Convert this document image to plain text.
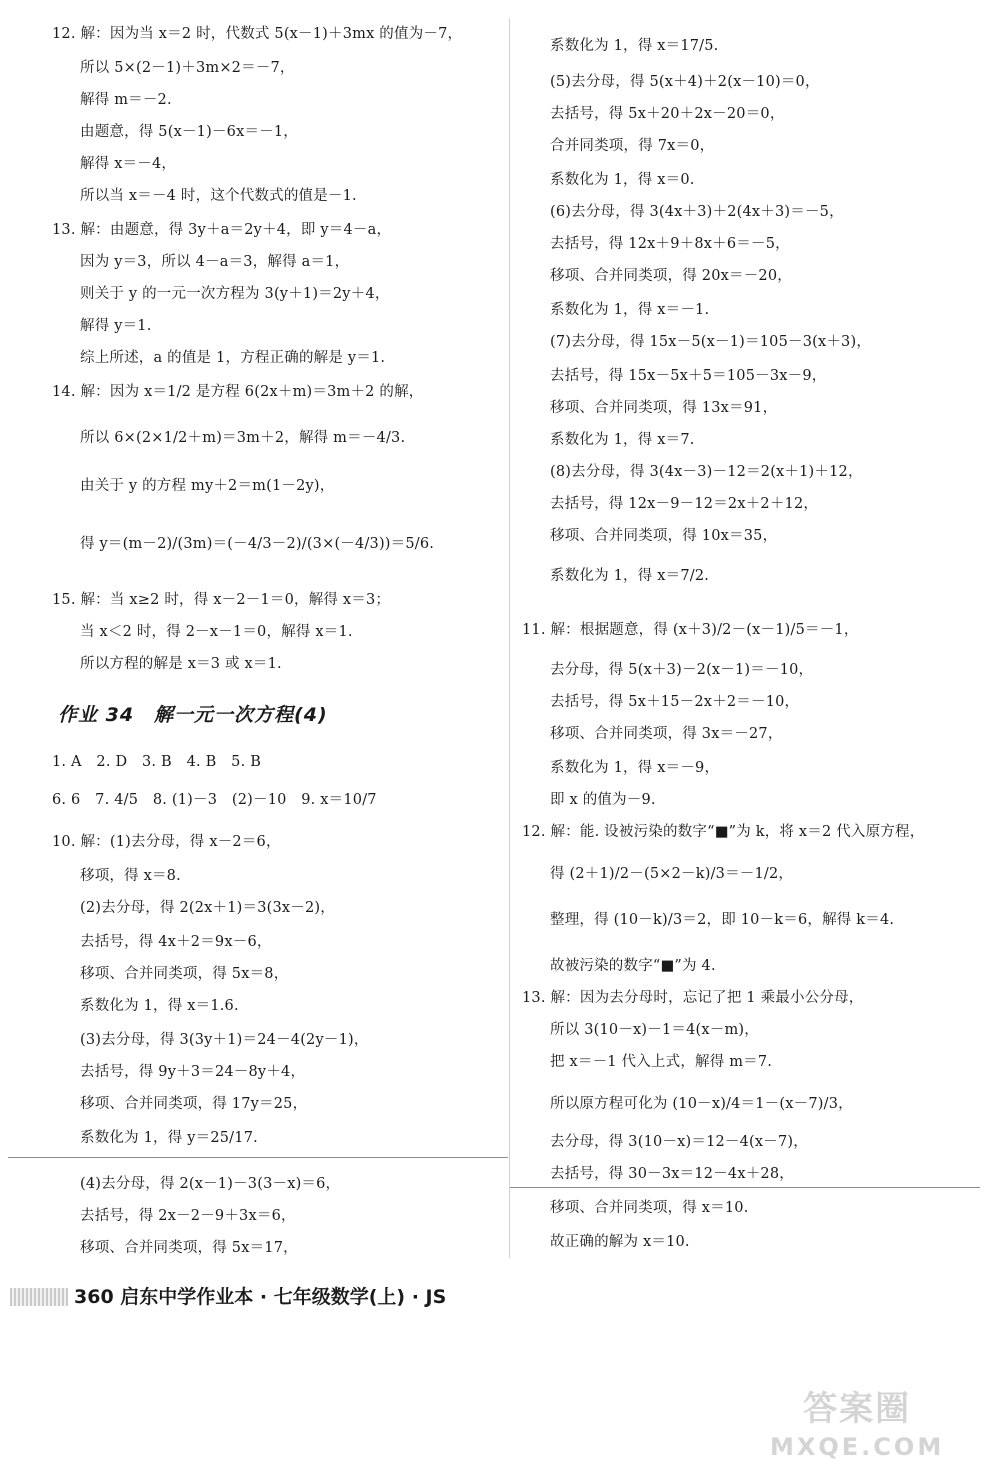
12. 解：因为当 x＝2 时，代数式 5(x－1)＋3mx 的值为－7，
所以 5×(2－1)＋3m×2＝－7，
解得 m＝－2.
由题意，得 5(x－1)－6x＝－1，
解得 x＝－4，
所以当 x＝－4 时，这个代数式的值是－1.
13. 解：由题意，得 3y＋a＝2y＋4，即 y＝4－a，
因为 y＝3，所以 4－a＝3，解得 a＝1，
则关于 y 的一元一次方程为 3(y＋1)＝2y＋4，
解得 y＝1.
综上所述，a 的值是 1，方程正确的解是 y＝1.
14. 解：因为 x＝1/2 是方程 6(2x＋m)＝3m＋2 的解，
所以 6×(2×1/2＋m)＝3m＋2，解得 m＝－4/3.
由关于 y 的方程 my＋2＝m(1－2y)，
得 y＝(m－2)/(3m)＝(－4/3－2)/(3×(－4/3))＝5/6.
15. 解：当 x≥2 时，得 x－2－1＝0，解得 x＝3；
当 x＜2 时，得 2－x－1＝0，解得 x＝1.
所以方程的解是 x＝3 或 x＝1.
作业 34　解一元一次方程(4)
1. A　2. D　3. B　4. B　5. B
6. 6　7. 4/5　8. (1)－3　(2)－10　9. x＝10/7
10. 解：(1)去分母，得 x－2＝6，
移项，得 x＝8.
(2)去分母，得 2(2x＋1)＝3(3x－2)，
去括号，得 4x＋2＝9x－6，
移项、合并同类项，得 5x＝8，
系数化为 1，得 x＝1.6.
(3)去分母，得 3(3y＋1)＝24－4(2y－1)，
去括号，得 9y＋3＝24－8y＋4，
移项、合并同类项，得 17y＝25，
系数化为 1，得 y＝25/17.
(4)去分母，得 2(x－1)－3(3－x)＝6，
去括号，得 2x－2－9＋3x＝6，
移项、合并同类项，得 5x＝17，
系数化为 1，得 x＝17/5.
(5)去分母，得 5(x＋4)＋2(x－10)＝0，
去括号，得 5x＋20＋2x－20＝0，
合并同类项，得 7x＝0，
系数化为 1，得 x＝0.
(6)去分母，得 3(4x＋3)＋2(4x＋3)＝－5，
去括号，得 12x＋9＋8x＋6＝－5，
移项、合并同类项，得 20x＝－20，
系数化为 1，得 x＝－1.
(7)去分母，得 15x－5(x－1)＝105－3(x＋3)，
去括号，得 15x－5x＋5＝105－3x－9，
移项、合并同类项，得 13x＝91，
系数化为 1，得 x＝7.
(8)去分母，得 3(4x－3)－12＝2(x＋1)＋12，
去括号，得 12x－9－12＝2x＋2＋12，
移项、合并同类项，得 10x＝35，
系数化为 1，得 x＝7/2.
11. 解：根据题意，得 (x＋3)/2－(x－1)/5＝－1，
去分母，得 5(x＋3)－2(x－1)＝－10，
去括号，得 5x＋15－2x＋2＝－10，
移项、合并同类项，得 3x＝－27，
系数化为 1，得 x＝－9，
即 x 的值为－9.
12. 解：能. 设被污染的数字“■”为 k，将 x＝2 代入原方程，
得 (2＋1)/2－(5×2－k)/3＝－1/2，
整理，得 (10－k)/3＝2，即 10－k＝6，解得 k＝4.
故被污染的数字“■”为 4.
13. 解：因为去分母时，忘记了把 1 乘最小公分母，
所以 3(10－x)－1＝4(x－m)，
把 x＝－1 代入上式，解得 m＝7.
所以原方程可化为 (10－x)/4＝1－(x－7)/3，
去分母，得 3(10－x)＝12－4(x－7)，
去括号，得 30－3x＝12－4x＋28，
移项、合并同类项，得 x＝10.
故正确的解为 x＝10.
360 启东中学作业本 · 七年级数学(上) · JS
答案圈
MXQE.COM
